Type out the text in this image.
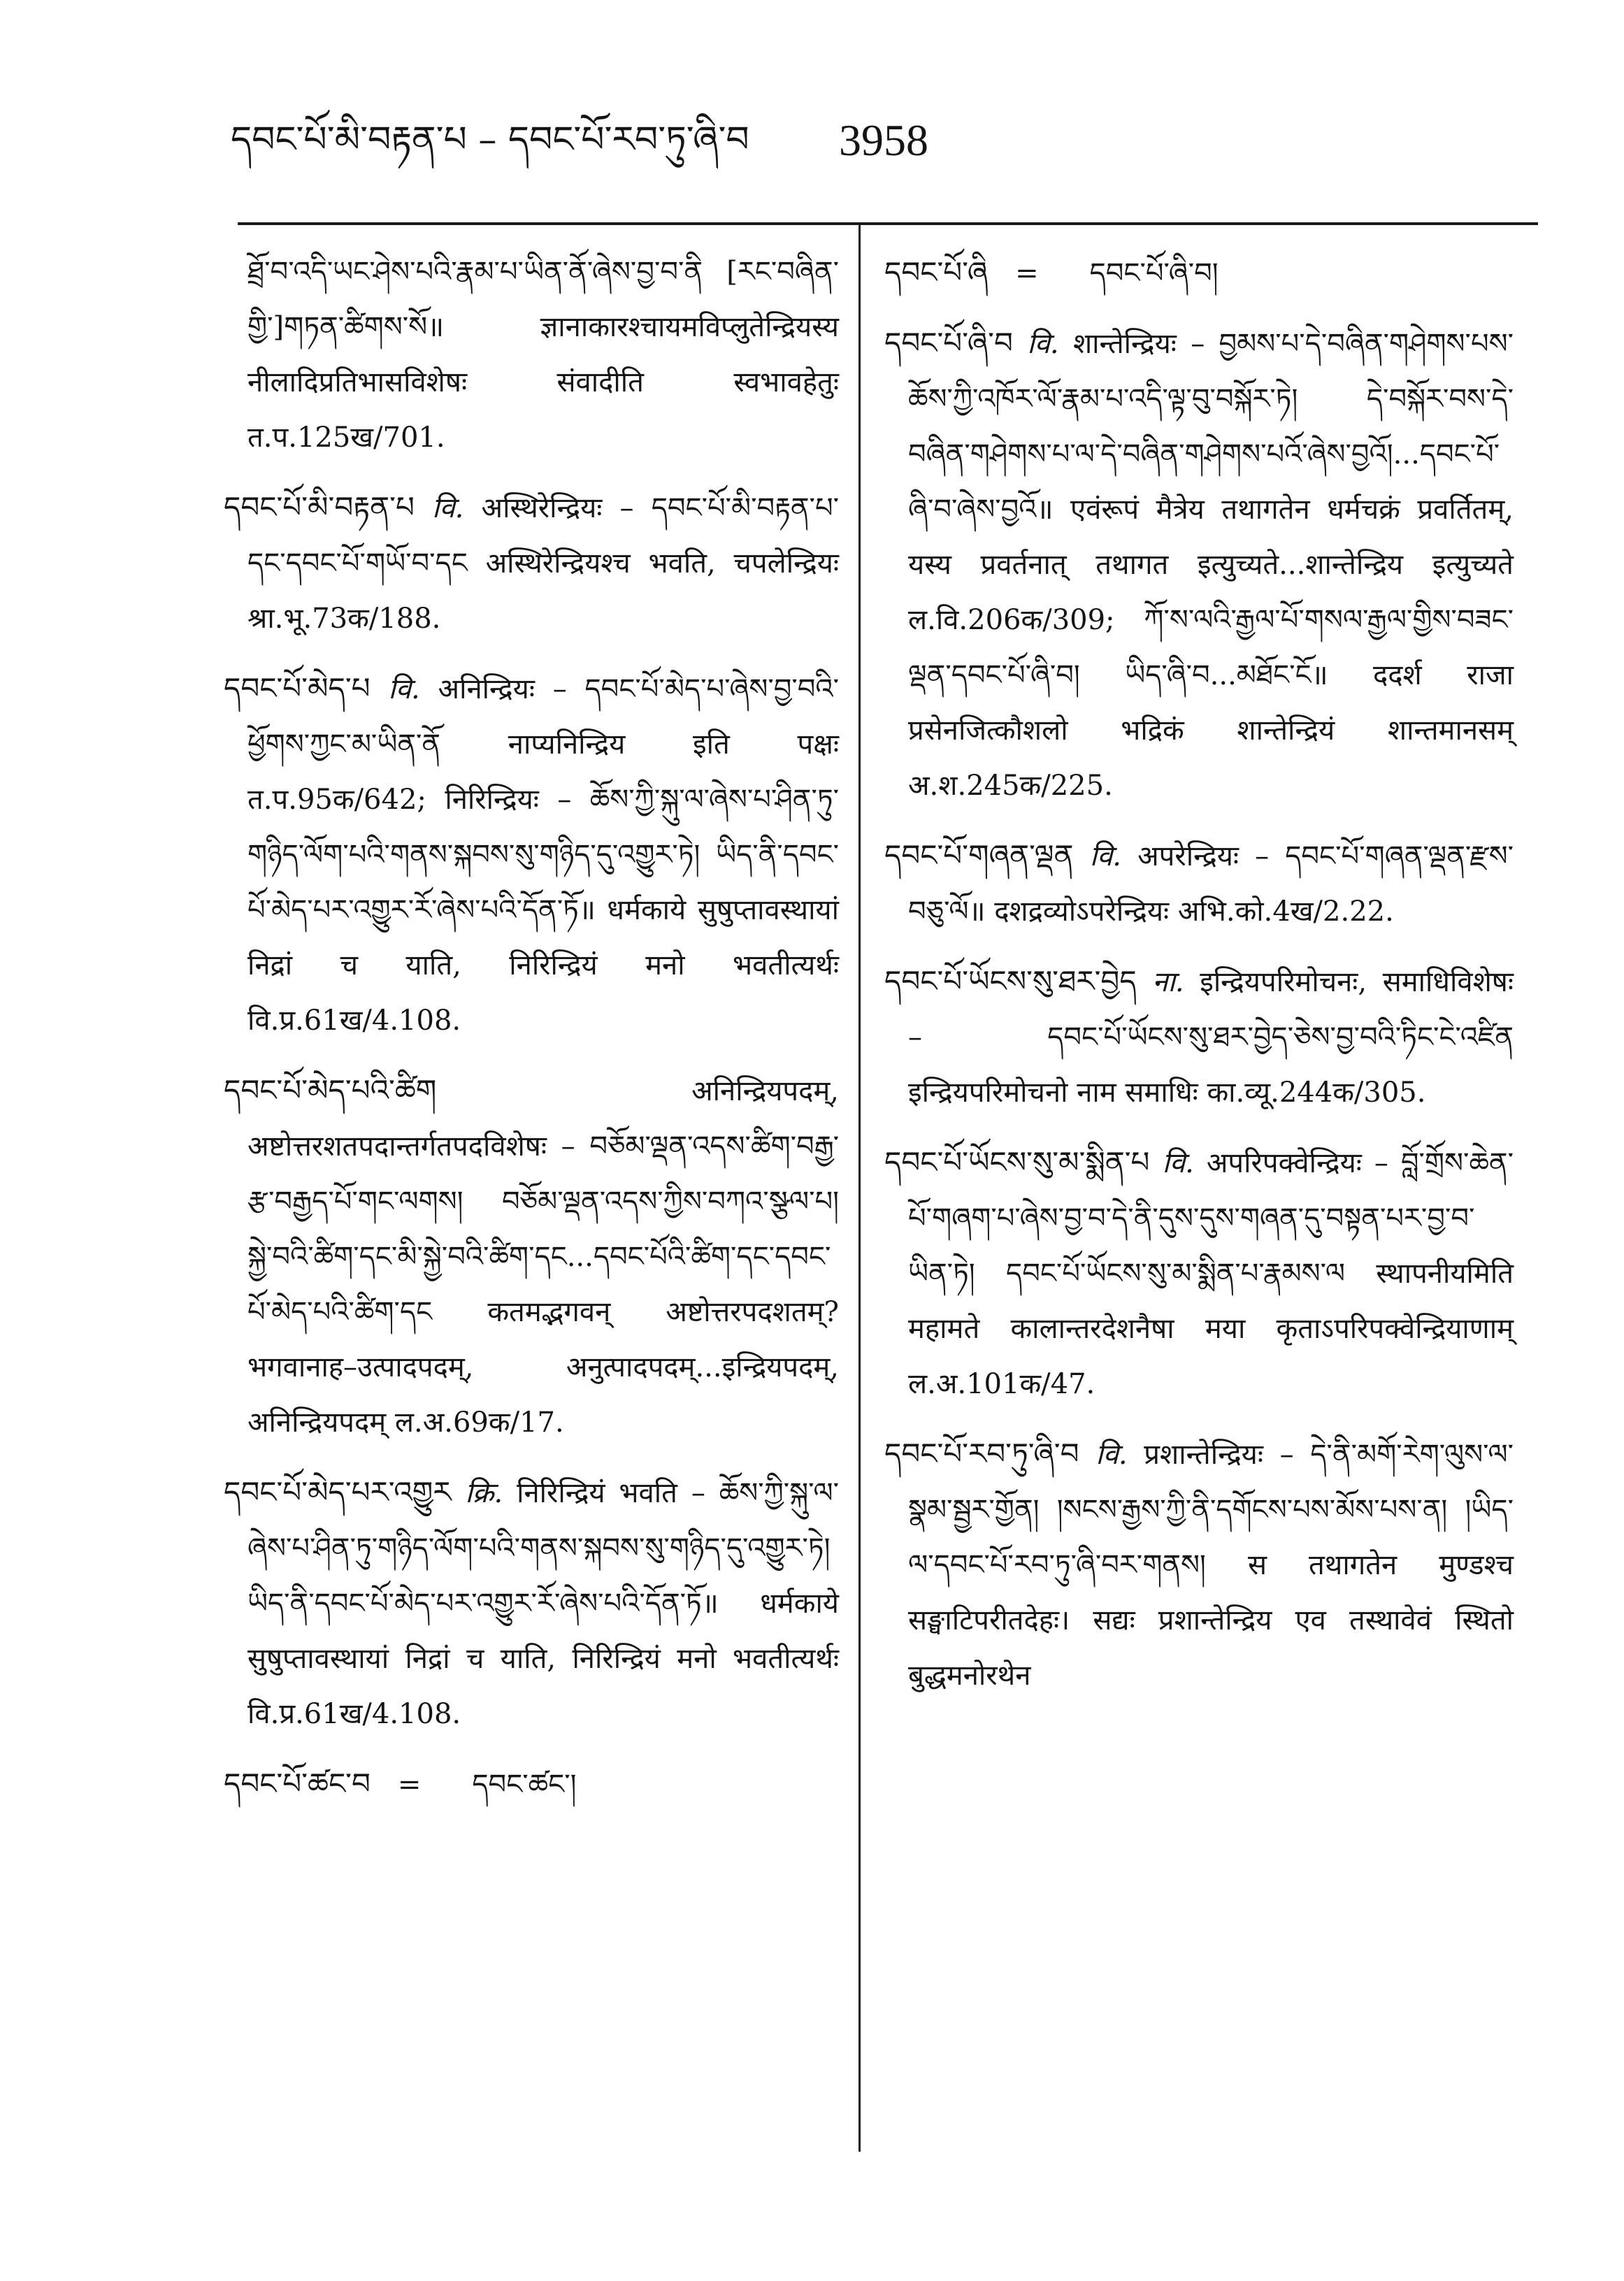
དབང་པོ་མི་བརྟན་པ – དབང་པོ་རབ་ཏུ་ཞི་བ 3958

ཐྲོ་བ་འདི་ཡང་ཤེས་པའི་རྣམ་པ་ཡིན་ནོ་ཞེས་བྱ་བ་ནི [རང་བཞིན་གྱི་]གཏན་ཚིགས་སོ॥ ज्ञानाकारश्चायमविप्लुतेन्द्रियस्य नीलादिप्रतिभासविशेषः संवादीति स्वभावहेतुः त.प.125ख/701.

དབང་པོ་མི་བརྟན་པ वि. अस्थिरेन्द्रियः – དབང་པོ་མི་བརྟན་པ་དང་དབང་པོ་གཡོ་བ་དང अस्थिरेन्द्रियश्च भवति, चपलेन्द्रियः श्रा.भू.73क/188.

དབང་པོ་མེད་པ वि. अनिन्द्रियः – དབང་པོ་མེད་པ་ཞེས་བྱ་བའི་ཕྱོགས་ཀྱང་མ་ཡིན་ནོ नाप्यनिन्द्रिय इति पक्षः त.प.95क/642; निरिन्द्रियः – ཆོས་ཀྱི་སྐུ་ལ་ཞེས་པ་ཤིན་ཏུ་གཉིད་ལོག་པའི་གནས་སྐབས་སུ་གཉིད་དུ་འགྱུར་ཏེ། ཡིད་ནི་དབང་པོ་མེད་པར་འགྱུར་རོ་ཞེས་པའི་དོན་ཏོ॥ धर्मकाये सुषुप्तावस्थायां निद्रां च याति, निरिन्द्रियं मनो भवतीत्यर्थः वि.प्र.61ख/4.108.

དབང་པོ་མེད་པའི་ཚིག	अनिन्द्रियपदम्, अष्टोत्तरशतपदान्तर्गतपदविशेषः – བཅོམ་ལྡན་འདས་ཚིག་བརྒྱ་རྩ་བརྒྱད་པོ་གང་ལགས། བཅོམ་ལྡན་འདས་ཀྱིས་བཀའ་སྩལ་པ། སྐྱེ་བའི་ཚིག་དང་མི་སྐྱེ་བའི་ཚིག་དང...དབང་པོའི་ཚིག་དང་དབང་པོ་མེད་པའི་ཚིག་དང कतमद्भगवन् अष्टोत्तरपदशतम्? भगवानाह–उत्पादपदम्, अनुत्पादपदम्...इन्द्रियपदम्, अनिन्द्रियपदम् ल.अ.69क/17.

དབང་པོ་མེད་པར་འགྱུར क्रि. निरिन्द्रियं भवति – ཆོས་ཀྱི་སྐུ་ལ་ཞེས་པ་ཤིན་ཏུ་གཉིད་ལོག་པའི་གནས་སྐབས་སུ་གཉིད་དུ་འགྱུར་ཏེ། ཡིད་ནི་དབང་པོ་མེད་པར་འགྱུར་རོ་ཞེས་པའི་དོན་ཏོ॥ धर्मकाये सुषुप्तावस्थायां निद्रां च याति, निरिन्द्रियं मनो भवतीत्यर्थः वि.प्र.61ख/4.108.

དབང་པོ་ཚང་བ = དབང་ཚང་།

དབང་པོ་ཞི = དབང་པོ་ཞི་བ།

དབང་པོ་ཞི་བ वि. शान्तेन्द्रियः – བྱམས་པ་དེ་བཞིན་གཤེགས་པས་ཆོས་ཀྱི་འཁོར་ལོ་རྣམ་པ་འདི་ལྟ་བུ་བསྐོར་ཏེ། དེ་བསྐོར་བས་དེ་བཞིན་གཤེགས་པ་ལ་དེ་བཞིན་གཤེགས་པའོ་ཞེས་བྱའོ།...དབང་པོ་ཞི་བ་ཞེས་བྱའོ॥ एवंरूपं मैत्रेय तथागतेन धर्मचक्रं प्रवर्तितम्, यस्य प्रवर्तनात् तथागत इत्युच्यते...शान्तेन्द्रिय इत्युच्यते ल.वि.206क/309; ཀོ་ས་ལའི་རྒྱལ་པོ་གསལ་རྒྱལ་གྱིས་བཟང་ལྡན་དབང་པོ་ཞི་བ། ཡིད་ཞི་བ...མཐོང་ངོ॥ ददर्श राजा प्रसेनजित्कौशलो भद्रिकं शान्तेन्द्रियं शान्तमानसम् अ.श.245क/225.

དབང་པོ་གཞན་ལྡན वि. अपरेन्द्रियः – དབང་པོ་གཞན་ལྡན་རྫས་བཅུ་ལོ॥ दशद्रव्योऽपरेन्द्रियः अभि.को.4ख/2.22.

དབང་པོ་ཡོངས་སུ་ཐར་བྱེད ना. इन्द्रियपरिमोचनः, समाधिविशेषः – དབང་པོ་ཡོངས་སུ་ཐར་བྱེད་ཅེས་བྱ་བའི་ཏིང་ངེ་འཛིན इन्द्रियपरिमोचनो नाम समाधिः का.व्यू.244क/305.

དབང་པོ་ཡོངས་སུ་མ་སྨིན་པ वि. अपरिपक्वेन्द्रियः – བློ་གྲོས་ཆེན་པོ་གཞག་པ་ཞེས་བྱ་བ་དེ་ནི་དུས་དུས་གཞན་དུ་བསྟན་པར་བྱ་བ་ཡིན་ཏེ། དབང་པོ་ཡོངས་སུ་མ་སྨིན་པ་རྣམས་ལ स्थापनीयमिति महामते कालान्तरदेशनैषा मया कृताऽपरिपक्वेन्द्रियाणाम् ल.अ.101क/47.

དབང་པོ་རབ་ཏུ་ཞི་བ वि. प्रशान्तेन्द्रियः – དེ་ནི་མགོ་རེག་ལུས་ལ་སྣམ་སྦྱར་གྱོན། །སངས་རྒྱས་ཀྱི་ནི་དགོངས་པས་མོས་པས་ན། །ཡིད་ལ་དབང་པོ་རབ་ཏུ་ཞི་བར་གནས། स तथागतेन मुण्डश्च सङ्घाटिपरीतदेहः। सद्यः प्रशान्तेन्द्रिय एव तस्थावेवं स्थितो बुद्धमनोरथेन
